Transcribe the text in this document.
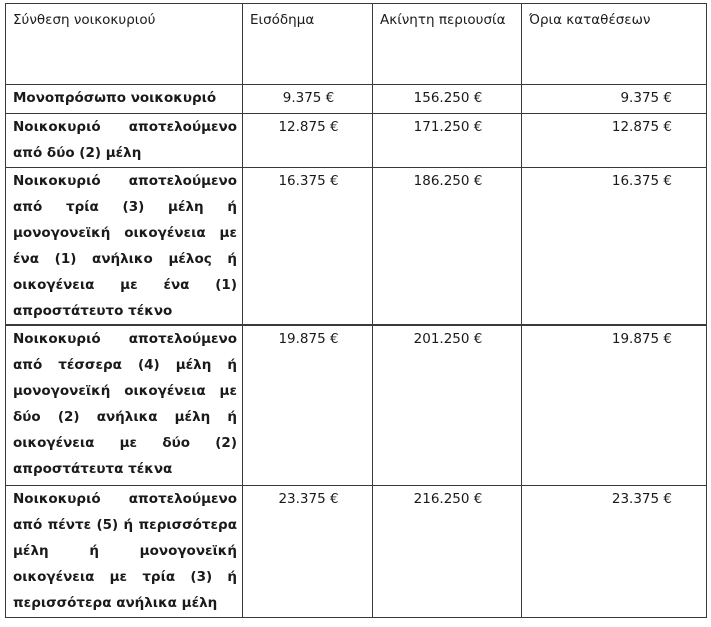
Σύνθεση νοικοκυριού	Εισόδημα	Ακίνητη περιουσία	Όρια καταθέσεων
Μονοπρόσωπο νοικοκυριό	9.375 €	156.250 €	9.375 €
Νοικοκυριό αποτελούμενο από δύο (2) μέλη	12.875 €	171.250 €	12.875 €
Νοικοκυριό αποτελούμενο από τρία (3) μέλη ή μονογονεϊκή οικογένεια με ένα (1) ανήλικο μέλος ή οικογένεια με ένα (1) απροστάτευτο τέκνο	16.375 €	186.250 €	16.375 €
Νοικοκυριό αποτελούμενο από τέσσερα (4) μέλη ή μονογονεϊκή οικογένεια με δύο (2) ανήλικα μέλη ή οικογένεια με δύο (2) απροστάτευτα τέκνα	19.875 €	201.250 €	19.875 €
Νοικοκυριό αποτελούμενο από πέντε (5) ή περισσότερα μέλη ή μονογονεϊκή οικογένεια με τρία (3) ή περισσότερα ανήλικα μέλη	23.375 €	216.250 €	23.375 €
